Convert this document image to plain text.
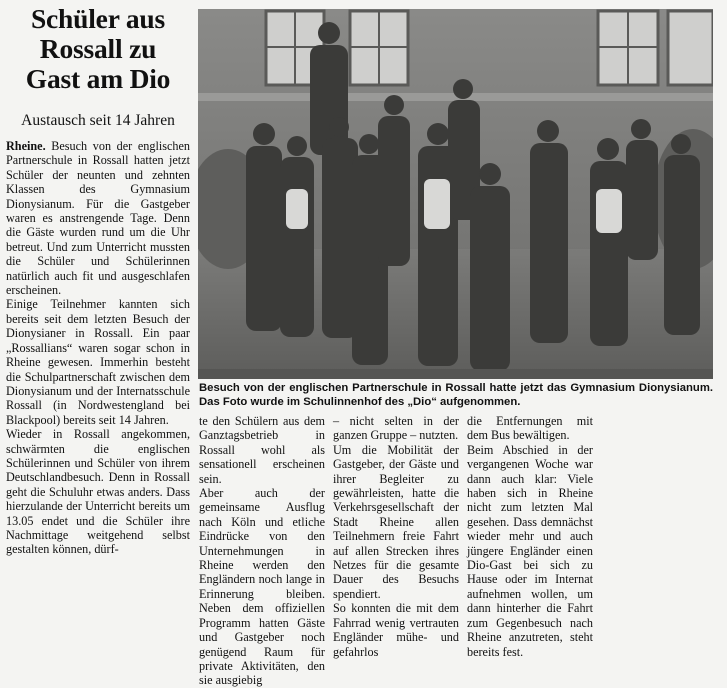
Schüler aus
Rossall zu
Gast am Dio
Austausch seit 14 Jahren

Rheine. Besuch von der englischen Partnerschule in Rossall hatten jetzt Schüler der neunten und zehnten Klassen des Gymnasium Dionysianum. Für die Gastgeber waren es anstrengende Tage. Denn die Gäste wurden rund um die Uhr betreut. Und zum Unterricht mussten die Schüler und Schülerinnen natürlich auch fit und ausgeschlafen erscheinen.

Einige Teilnehmer kannten sich bereits seit dem letzten Besuch der Dionysianer in Rossall. Ein paar „Rossallians“ waren sogar schon in Rheine gewesen. Immerhin besteht die Schulpartnerschaft zwischen dem Dionysianum und der Internatsschule Rossall (in Nordwestengland bei Blackpool) bereits seit 14 Jahren.

Wieder in Rossall angekommen, schwärmten die englischen Schülerinnen und Schüler von ihrem Deutschlandbesuch. Denn in Rossall geht die Schuluhr etwas anders. Dass hierzulande der Unterricht bereits um 13.05 endet und die Schüler ihre Nachmittage weitgehend selbst gestalten können, dürf-

Besuch von der englischen Partnerschule in Rossall hatte jetzt das Gymnasium Dionysianum. Das Foto wurde im Schulinnenhof des „Dio“ aufgenommen.

te den Schülern aus dem Ganztagsbetrieb in Rossall wohl als sensationell erscheinen sein.

Aber auch der gemeinsame Ausflug nach Köln und etliche Eindrücke von den Unternehmungen in Rheine werden den Engländern noch lange in Erinnerung bleiben. Neben dem offiziellen Programm hatten Gäste und Gastgeber noch genügend Raum für private Aktivitäten, den sie ausgiebig

– nicht selten in der ganzen Gruppe – nutzten.

Um die Mobilität der Gastgeber, der Gäste und ihrer Begleiter zu gewährleisten, hatte die Verkehrsgesellschaft der Stadt Rheine allen Teilnehmern freie Fahrt auf allen Strecken ihres Netzes für die gesamte Dauer des Besuchs spendiert.

So konnten die mit dem Fahrrad wenig vertrauten Engländer mühe- und gefahrlos

die Entfernungen mit dem Bus bewältigen.

Beim Abschied in der vergangenen Woche war dann auch klar: Viele haben sich in Rheine nicht zum letzten Mal gesehen. Dass demnächst wieder mehr und auch jüngere Engländer einen Dio-Gast bei sich zu Hause oder im Internat aufnehmen wollen, um dann hinterher die Fahrt zum Gegenbesuch nach Rheine anzutreten, steht bereits fest.
